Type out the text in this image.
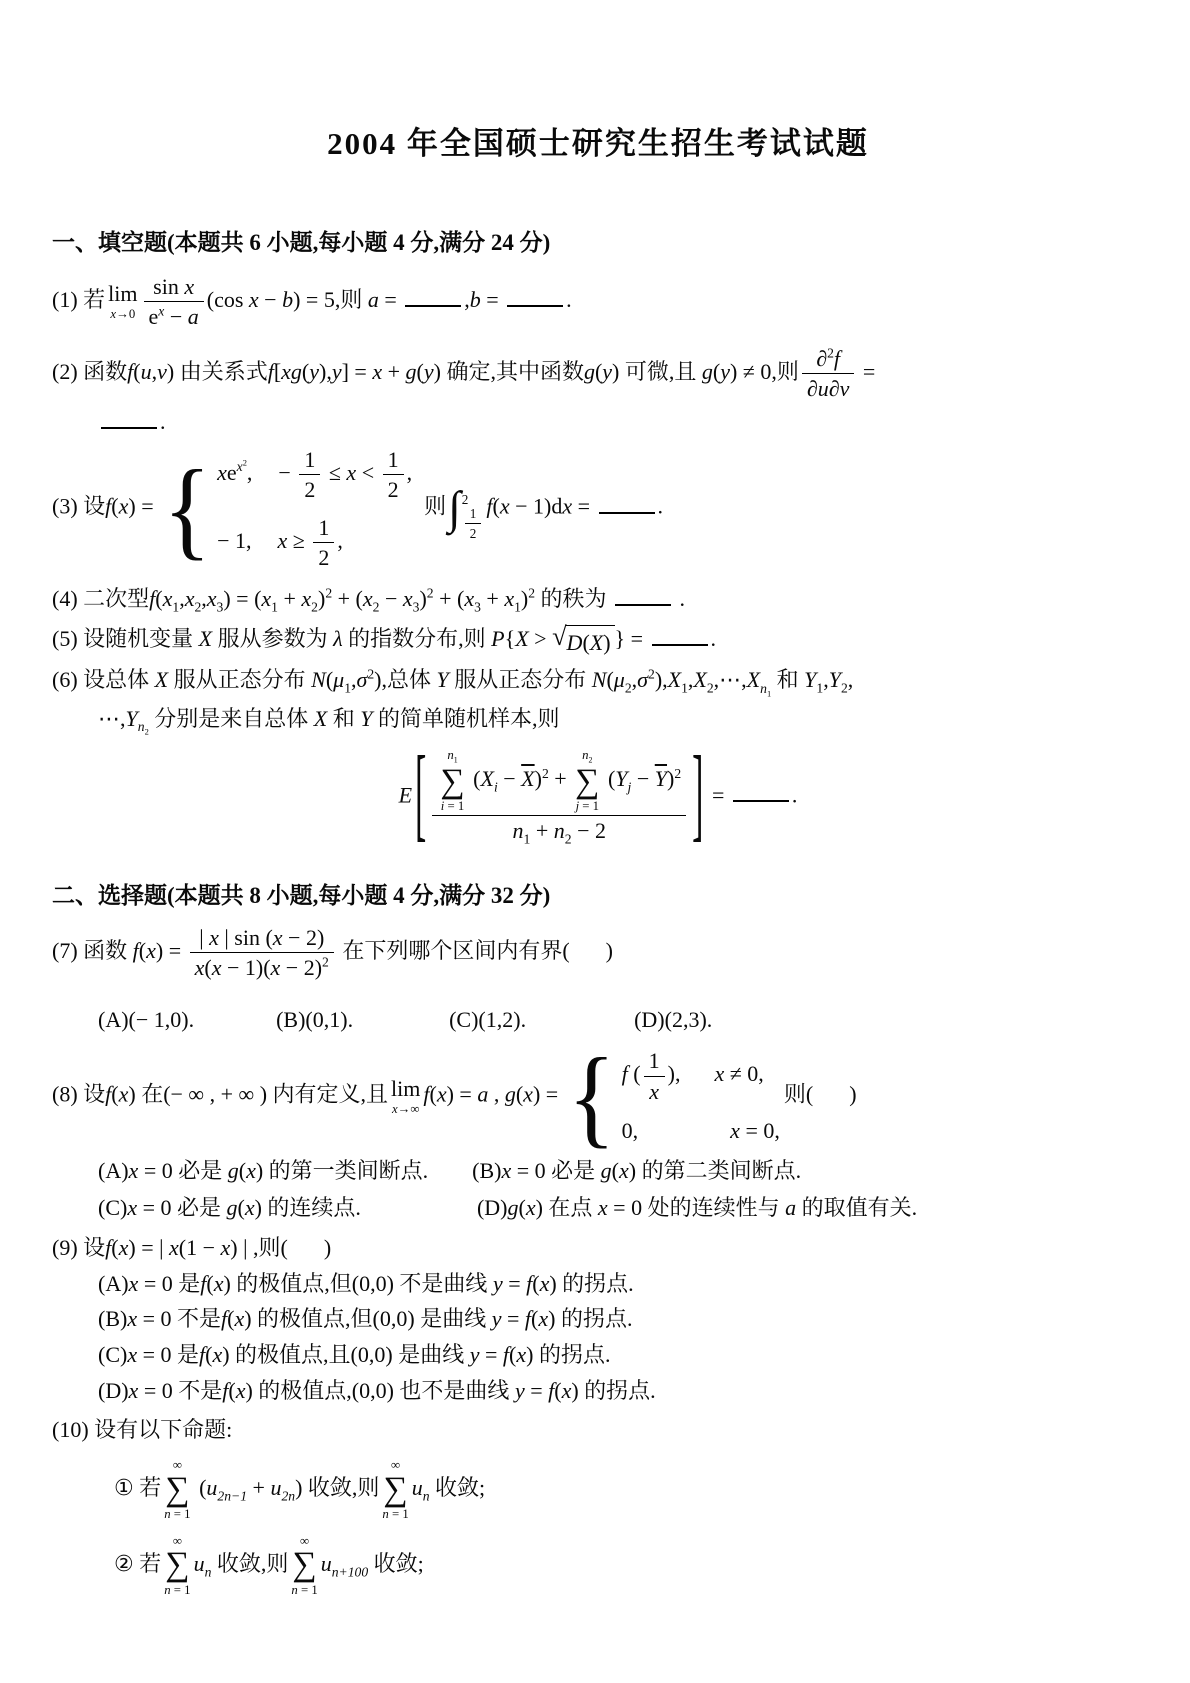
2004 年全国硕士研究生招生考试试题
一、填空题(本题共 6 小题,每小题 4 分,满分 24 分)
(1) 若 lim
$x\to 0 \frac{\text{sin x}}{e^x - a} (\cos$ x − b) = 5,则 a =	,b =	.
(2) 函数f(u,v) 由关系式f[xg(y),y] = x + g(y) 确定,其中函数g(y) 可微,且 g(y) ≠ 0,则 $\frac{\partial^2f}{\partial u\partial v}$ =
.
(3) 设f(x) = { $xe^{x^2}$, − $\frac{1}{2} \le x < \frac{1}{2}$ ,
− 1, $x \ge \frac{1}{2}$ ,
则 ∫ 2
$\frac{1}{2} f(x - 1)dx$ =	.
(4) 二次型$f(x_1,x_2,x_3) = (x_1 + x_2)^2 + (x_2 - x_3)^2 + (x_3 + x_1)^2$ 的秩为	.
(5) 设随机变量 X 服从参数为 λ 的指数分布,则 P{X > √ D(X) } =	.
(6) 设总体 X 服从正态分布 $N(\mu_1,\sigma^2)$,总体 Y 服从正态分布 $N(\mu_2,\sigma^2),X_1,X_2,\cdots,X_{n_1}$ 和 $Y_1,Y_2$,
$\cdots,Y_{n_2}$ 分别是来自总体 X 和 Y 的简单随机样本,则
E[ $n_1$
∑
i = 1
$(X_i - \overline{X})^2$ +
$n_2$
∑
j = 1
$(Y_j - \overline{Y})^2$
$n_1 + n_2 - 2$ ] =	.
二、选择题(本题共 8 小题,每小题 4 分,满分 32 分)
(7) 函数 $f(x) = \frac{| x | \sin (x - 2)}{x(x - 1)(x - 2)^2}$ 在下列哪个区间内有界( )
(A)(− 1,0).	(B)(0,1).	(C)(1,2).	(D)(2,3).
(8) 设f(x) 在(− ∞ , + ∞ ) 内有定义,且 lim
x→∞
f(x) = a , g(x) = { f ( $\frac{1}{x}$ ), x ≠ 0,
0,	x = 0,
则( )
(A)x = 0 必是 g(x) 的第一类间断点. (B)x = 0 必是 g(x) 的第二类间断点.
(C)x = 0 必是 g(x) 的连续点.	(D)g(x) 在点 x = 0 处的连续性与 a 的取值有关.
(9) 设f(x) = | x(1 − x) | ,则( )
(A)x = 0 是f(x) 的极值点,但(0,0) 不是曲线 y = f(x) 的拐点.
(B)x = 0 不是f(x) 的极值点,但(0,0) 是曲线 y = f(x) 的拐点.
(C)x = 0 是f(x) 的极值点,且(0,0) 是曲线 y = f(x) 的拐点.
(D)x = 0 不是f(x) 的极值点,(0,0) 也不是曲线 y = f(x) 的拐点.
(10) 设有以下命题:
① 若
∞
∑
n = 1
$(u_{2n-1} + u_{2n})$ 收敛,则
∞
∑
n = 1
$u_n$ 收敛;
② 若
∞
∑
n = 1
$u_n$ 收敛,则
∞
∑
n = 1
$u_{n+100}$ 收敛;
